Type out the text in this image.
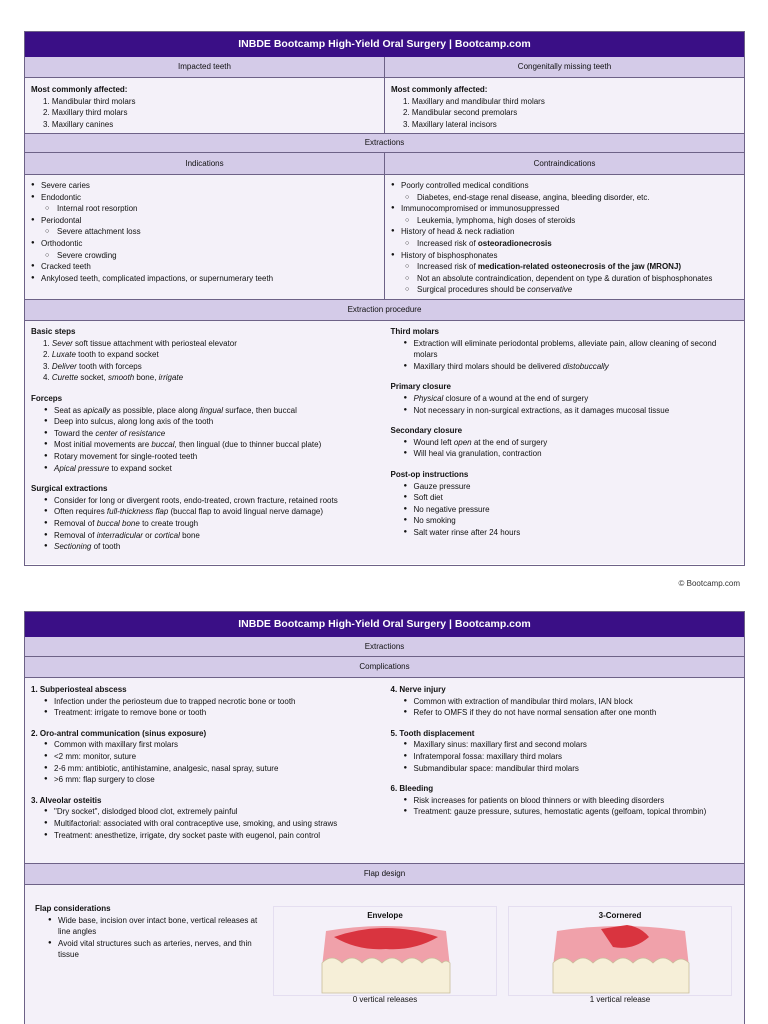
INBDE Bootcamp High-Yield Oral Surgery | Bootcamp.com
Impacted teeth	Congenitally missing teeth
Most commonly affected:
1. Mandibular third molars
2. Maxillary third molars
3. Maxillary canines
Most commonly affected:
1. Maxillary and mandibular third molars
2. Mandibular second premolars
3. Maxillary lateral incisors
Extractions
Indications	Contraindications
● Severe caries
● Endodontic
○ Internal root resorption
● Periodontal
○ Severe attachment loss
● Orthodontic
○ Severe crowding
● Cracked teeth
● Ankylosed teeth, complicated impactions, or supernumerary teeth
● Poorly controlled medical conditions
○ Diabetes, end-stage renal disease, angina, bleeding disorder, etc.
● Immunocompromised or immunosuppressed
○ Leukemia, lymphoma, high doses of steroids
● History of head & neck radiation
○ Increased risk of osteoradionecrosis
● History of bisphosphonates
○ Increased risk of medication-related osteonecrosis of the jaw (MRONJ)
○ Not an absolute contraindication, dependent on type & duration of bisphosphonates
○ Surgical procedures should be conservative
Extraction procedure
Basic steps
1. Sever soft tissue attachment with periosteal elevator
2. Luxate tooth to expand socket
3. Deliver tooth with forceps
4. Curette socket, smooth bone, irrigate
Forceps
● Seat as apically as possible, place along lingual surface, then buccal
● Deep into sulcus, along long axis of the tooth
● Toward the center of resistance
● Most initial movements are buccal, then lingual (due to thinner buccal plate)
● Rotary movement for single-rooted teeth
● Apical pressure to expand socket
Surgical extractions
● Consider for long or divergent roots, endo-treated, crown fracture, retained roots
● Often requires full-thickness flap (buccal flap to avoid lingual nerve damage)
● Removal of buccal bone to create trough
● Removal of interradicular or cortical bone
● Sectioning of tooth
Third molars
● Extraction will eliminate periodontal problems, alleviate pain, allow cleaning of second molars
● Maxillary third molars should be delivered distobuccally
Primary closure
● Physical closure of a wound at the end of surgery
● Not necessary in non-surgical extractions, as it damages mucosal tissue
Secondary closure
● Wound left open at the end of surgery
● Will heal via granulation, contraction
Post-op instructions
● Gauze pressure
● Soft diet
● No negative pressure
● No smoking
● Salt water rinse after 24 hours
© Bootcamp.com
INBDE Bootcamp High-Yield Oral Surgery | Bootcamp.com
Extractions
Complications
1. Subperiosteal abscess
● Infection under the periosteum due to trapped necrotic bone or tooth
● Treatment: irrigate to remove bone or tooth
2. Oro-antral communication (sinus exposure)
● Common with maxillary first molars
● <2 mm: monitor, suture
● 2-6 mm: antibiotic, antihistamine, analgesic, nasal spray, suture
● >6 mm: flap surgery to close
3. Alveolar osteitis
● "Dry socket", dislodged blood clot, extremely painful
● Multifactorial: associated with oral contraceptive use, smoking, and using straws
● Treatment: anesthetize, irrigate, dry socket paste with eugenol, pain control
4. Nerve injury
● Common with extraction of mandibular third molars, IAN block
● Refer to OMFS if they do not have normal sensation after one month
5. Tooth displacement
● Maxillary sinus: maxillary first and second molars
● Infratemporal fossa: maxillary third molars
● Submandibular space: mandibular third molars
6. Bleeding
● Risk increases for patients on blood thinners or with bleeding disorders
● Treatment: gauze pressure, sutures, hemostatic agents (gelfoam, topical thrombin)
Flap design
Flap considerations
● Wide base, incision over intact bone, vertical releases at line angles
● Avoid vital structures such as arteries, nerves, and thin tissue
Envelope
0 vertical releases
3-Cornered
1 vertical release
